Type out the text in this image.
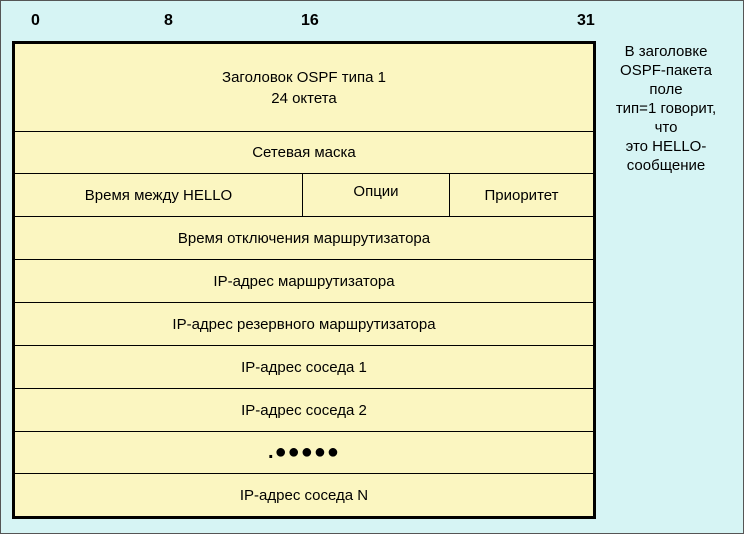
0	8	16	31
Заголовок OSPF типа 1
24 октета
Сетевая маска
Время между HELLO	Опции	Приоритет
Время отключения маршрутизатора
IP-адрес маршрутизатора
IP-адрес резервного маршрутизатора
IP-адрес соседа 1
IP-адрес соседа 2
.●●●●●
IP-адрес соседа N
В заголовке
OSPF-пакета
поле
тип=1 говорит,
что
это HELLO-
сообщение
